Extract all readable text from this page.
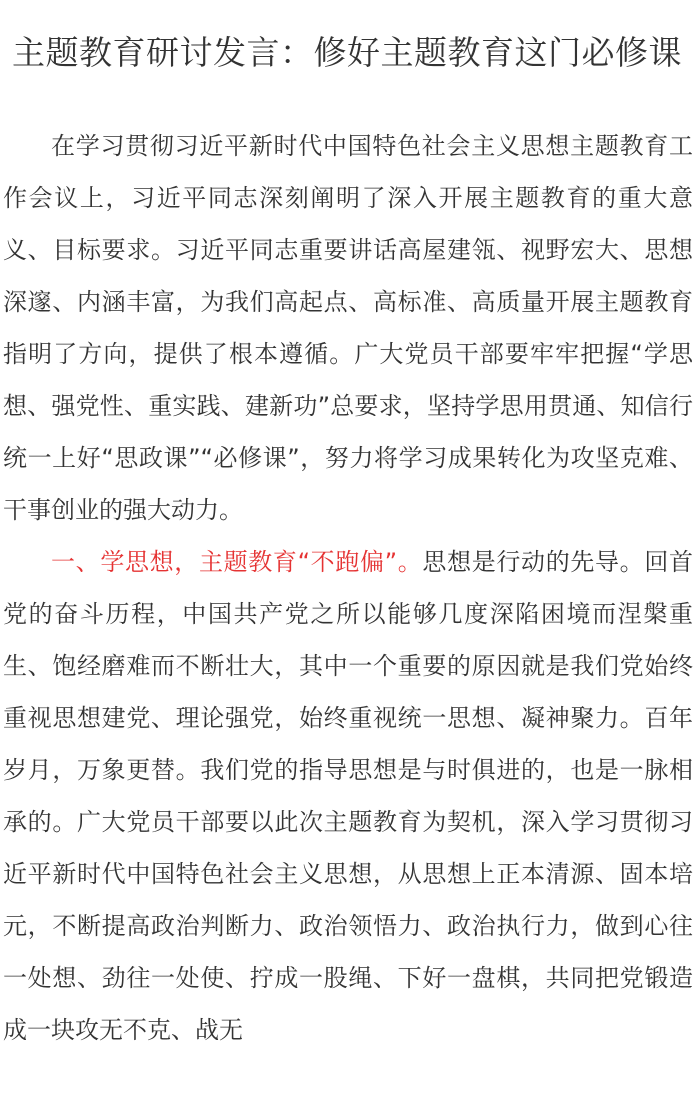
主题教育研讨发言：修好主题教育这门必修课

在学习贯彻习近平新时代中国特色社会主义思想主题教育工作会议上，习近平同志深刻阐明了深入开展主题教育的重大意义、目标要求。习近平同志重要讲话高屋建瓴、视野宏大、思想深邃、内涵丰富，为我们高起点、高标准、高质量开展主题教育指明了方向，提供了根本遵循。广大党员干部要牢牢把握“学思想、强党性、重实践、建新功”总要求，坚持学思用贯通、知信行统一上好“思政课”“必修课”，努力将学习成果转化为攻坚克难、干事创业的强大动力。

一、学思想，主题教育“不跑偏”。思想是行动的先导。回首党的奋斗历程，中国共产党之所以能够几度深陷困境而涅槃重生、饱经磨难而不断壮大，其中一个重要的原因就是我们党始终重视思想建党、理论强党，始终重视统一思想、凝神聚力。百年岁月，万象更替。我们党的指导思想是与时俱进的，也是一脉相承的。广大党员干部要以此次主题教育为契机，深入学习贯彻习近平新时代中国特色社会主义思想，从思想上正本清源、固本培元，不断提高政治判断力、政治领悟力、政治执行力，做到心往一处想、劲往一处使、拧成一股绳、下好一盘棋，共同把党锻造成一块攻无不克、战无
